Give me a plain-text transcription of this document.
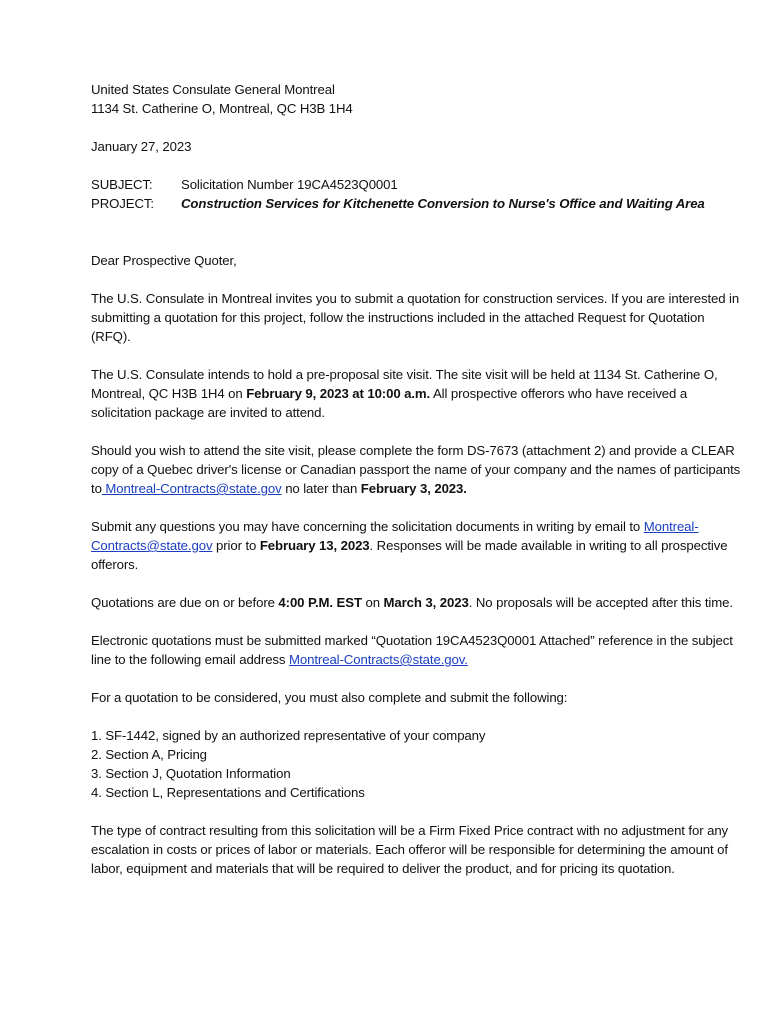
United States Consulate General Montreal

1134 St. Catherine O, Montreal, QC H3B 1H4

January 27, 2023

SUBJECT:	Solicitation Number 19CA4523Q0001
PROJECT:	Construction Services for Kitchenette Conversion to Nurse's Office and Waiting Area

Dear Prospective Quoter,

The U.S. Consulate in Montreal invites you to submit a quotation for construction services. If you are interested in submitting a quotation for this project, follow the instructions included in the attached Request for Quotation (RFQ).

The U.S. Consulate intends to hold a pre-proposal site visit. The site visit will be held at 1134 St. Catherine O, Montreal, QC H3B 1H4 on February 9, 2023 at 10:00 a.m. All prospective offerors who have received a solicitation package are invited to attend.

Should you wish to attend the site visit, please complete the form DS-7673 (attachment 2) and provide a CLEAR copy of a Quebec driver's license or Canadian passport the name of your company and the names of participants to Montreal-Contracts@state.gov no later than February 3, 2023.

Submit any questions you may have concerning the solicitation documents in writing by email to Montreal-Contracts@state.gov prior to February 13, 2023. Responses will be made available in writing to all prospective offerors.

Quotations are due on or before 4:00 P.M. EST on March 3, 2023. No proposals will be accepted after this time.

Electronic quotations must be submitted marked “Quotation 19CA4523Q0001 Attached” reference in the subject line to the following email address Montreal-Contracts@state.gov.

For a quotation to be considered, you must also complete and submit the following:

1. SF-1442, signed by an authorized representative of your company
2. Section A, Pricing
3. Section J, Quotation Information
4. Section L, Representations and Certifications

The type of contract resulting from this solicitation will be a Firm Fixed Price contract with no adjustment for any escalation in costs or prices of labor or materials. Each offeror will be responsible for determining the amount of labor, equipment and materials that will be required to deliver the product, and for pricing its quotation.
